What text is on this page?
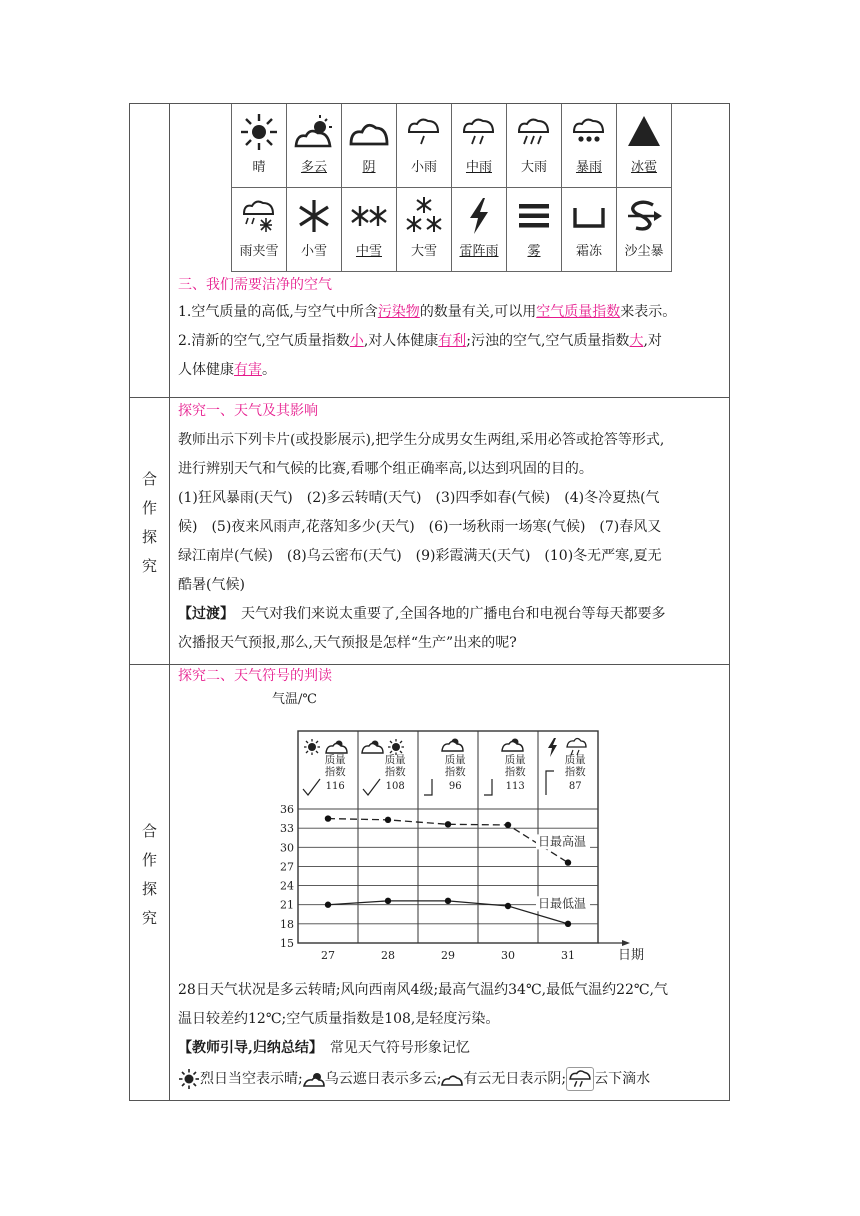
晴	多云	阴	小雨	中雨	大雨	暴雨	冰雹

雨夹雪	小雪	中雪	大雪	雷阵雨	雾	霜冻	沙尘暴
三、我们需要洁净的空气
1.空气质量的高低,与空气中所含污染物的数量有关,可以用空气质量指数来表示。
2.清新的空气,空气质量指数小,对人体健康有利;污浊的空气,空气质量指数大,对
人体健康有害。

合作探究	
探究一、天气及其影响
教师出示下列卡片(或投影展示),把学生分成男女生两组,采用必答或抢答等形式,
进行辨别天气和气候的比赛,看哪个组正确率高,以达到巩固的目的。
(1)狂风暴雨(天气)　(2)多云转晴(天气)　(3)四季如春(气候)　(4)冬冷夏热(气
候)　(5)夜来风雨声,花落知多少(天气)　(6)一场秋雨一场寒(气候)　(7)春风又
绿江南岸(气候)　(8)乌云密布(天气)　(9)彩霞满天(天气)　(10)冬无严寒,夏无
酷暑(气候)
【过渡】　天气对我们来说太重要了,全国各地的广播电台和电视台等每天都要多
次播报天气预报,那么,天气预报是怎样“生产”出来的呢?

合作探究	
探究二、天气符号的判读
气温/℃
日期
15
18
21
24
27
30
33
36
27	28	29	30	31
质量
指数
116
质量
指数
108
质量
指数
96
质量
指数
113
质量
指数
87
日最高温
日最低温
28日天气状况是多云转晴;风向西南风4级;最高气温约34℃,最低气温约22℃,气
温日较差约12℃;空气质量指数是108,是轻度污染。
【教师引导,归纳总结】　常见天气符号形象记忆
烈日当空表示晴; 乌云遮日表示多云; 有云无日表示阴; 云下滴水
